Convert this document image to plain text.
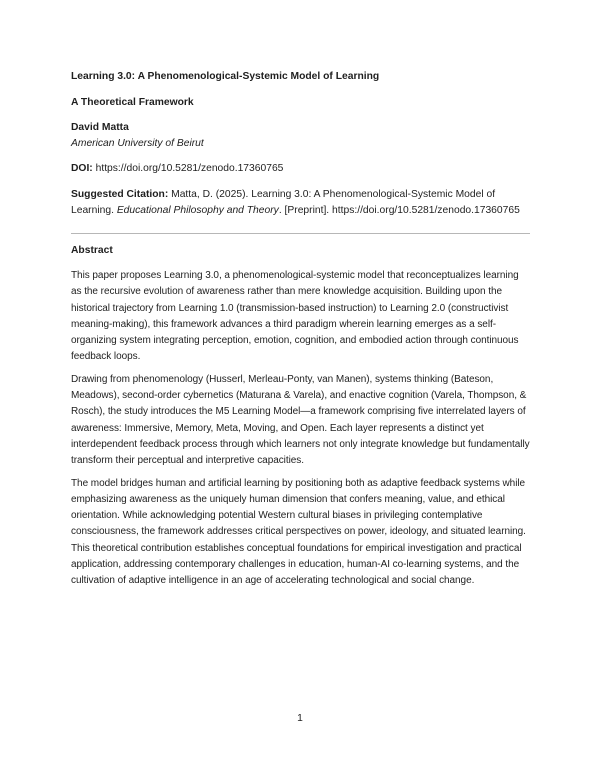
Learning 3.0: A Phenomenological-Systemic Model of Learning
A Theoretical Framework
David Matta
American University of Beirut
DOI: https://doi.org/10.5281/zenodo.17360765
Suggested Citation: Matta, D. (2025). Learning 3.0: A Phenomenological-Systemic Model of Learning. Educational Philosophy and Theory. [Preprint]. https://doi.org/10.5281/zenodo.17360765
Abstract

This paper proposes Learning 3.0, a phenomenological-systemic model that reconceptualizes learning as the recursive evolution of awareness rather than mere knowledge acquisition. Building upon the historical trajectory from Learning 1.0 (transmission-based instruction) to Learning 2.0 (constructivist meaning-making), this framework advances a third paradigm wherein learning emerges as a self-organizing system integrating perception, emotion, cognition, and embodied action through continuous feedback loops.

Drawing from phenomenology (Husserl, Merleau-Ponty, van Manen), systems thinking (Bateson, Meadows), second-order cybernetics (Maturana & Varela), and enactive cognition (Varela, Thompson, & Rosch), the study introduces the M5 Learning Model—a framework comprising five interrelated layers of awareness: Immersive, Memory, Meta, Moving, and Open. Each layer represents a distinct yet interdependent feedback process through which learners not only integrate knowledge but fundamentally transform their perceptual and interpretive capacities.

The model bridges human and artificial learning by positioning both as adaptive feedback systems while emphasizing awareness as the uniquely human dimension that confers meaning, value, and ethical orientation. While acknowledging potential Western cultural biases in privileging contemplative consciousness, the framework addresses critical perspectives on power, ideology, and situated learning. This theoretical contribution establishes conceptual foundations for empirical investigation and practical application, addressing contemporary challenges in education, human-AI co-learning systems, and the cultivation of adaptive intelligence in an age of accelerating technological and social change.

1
